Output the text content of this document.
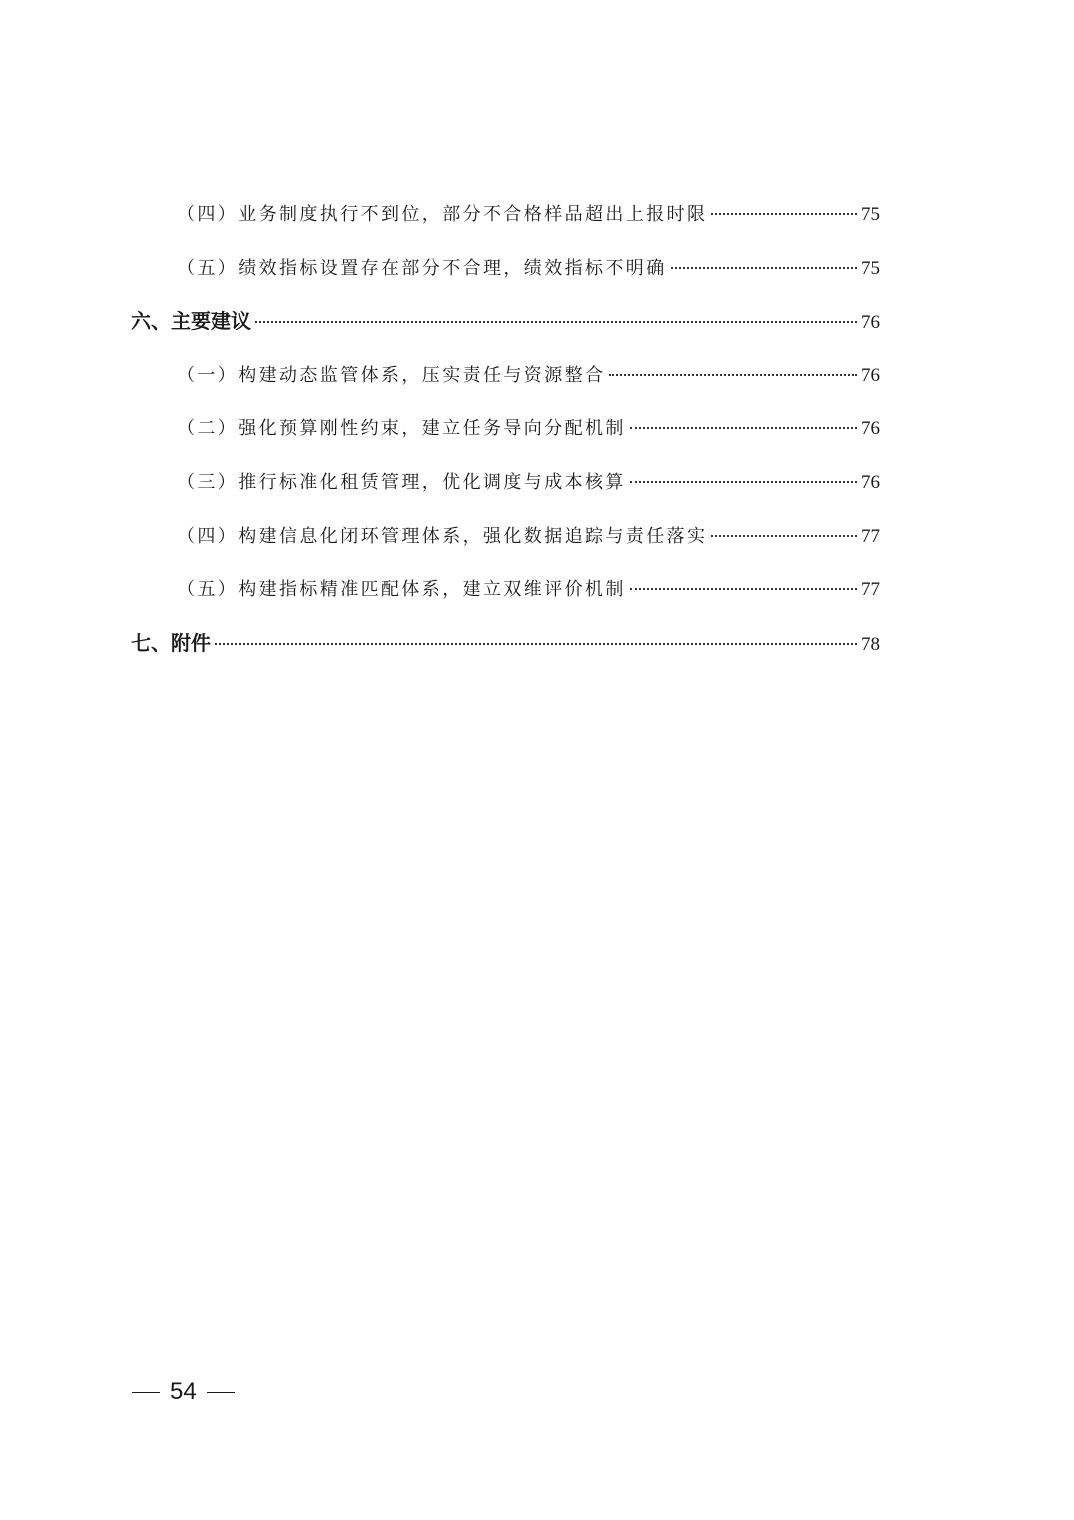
（四）业务制度执行不到位，部分不合格样品超出上报时限	75
（五）绩效指标设置存在部分不合理，绩效指标不明确	75
六、主要建议	76
（一）构建动态监管体系，压实责任与资源整合	76
（二）强化预算刚性约束，建立任务导向分配机制	76
（三）推行标准化租赁管理，优化调度与成本核算	76
（四）构建信息化闭环管理体系，强化数据追踪与责任落实	77
（五）构建指标精准匹配体系，建立双维评价机制	77
七、附件	78
54
